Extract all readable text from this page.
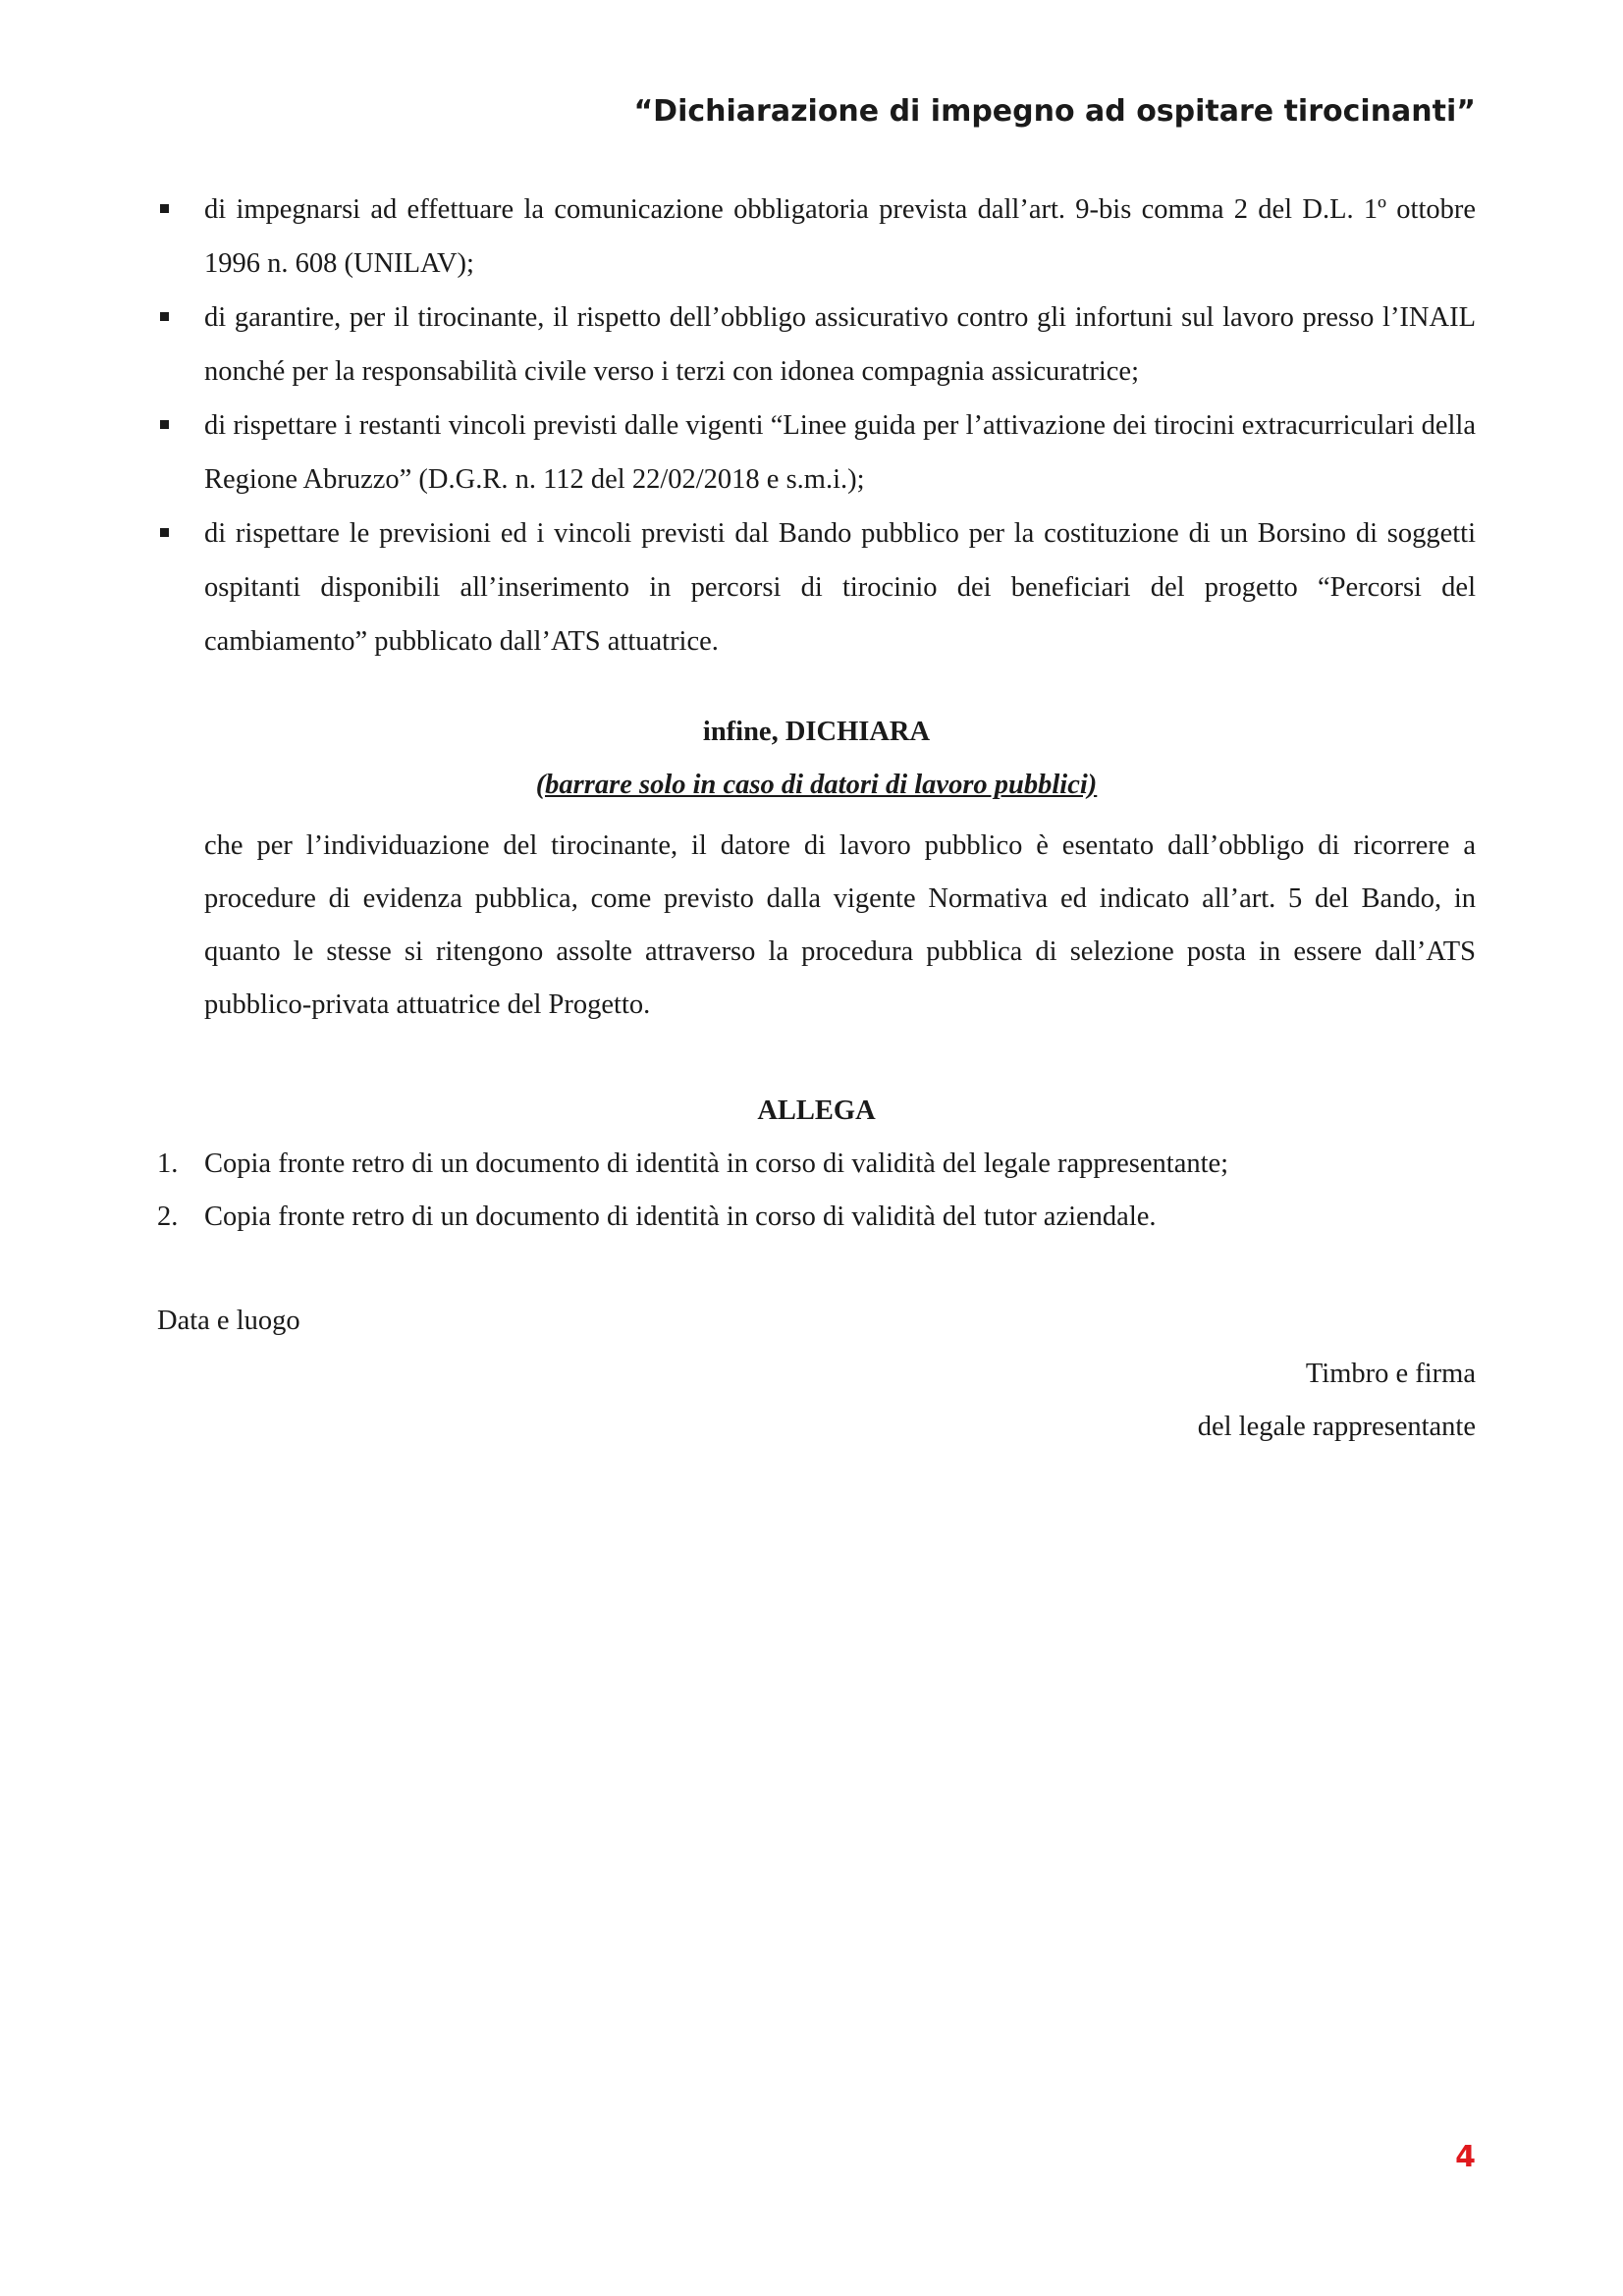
“Dichiarazione di impegno ad ospitare tirocinanti”
di impegnarsi ad effettuare la comunicazione obbligatoria prevista dall’art. 9-bis comma 2 del D.L. 1º ottobre 1996 n. 608 (UNILAV);
di garantire, per il tirocinante, il rispetto dell’obbligo assicurativo contro gli infortuni sul lavoro presso l’INAIL nonché per la responsabilità civile verso i terzi con idonea compagnia assicuratrice;
di rispettare i restanti vincoli previsti dalle vigenti “Linee guida per l’attivazione dei tirocini extracurriculari della Regione Abruzzo” (D.G.R. n. 112 del 22/02/2018 e s.m.i.);
di rispettare le previsioni ed i vincoli previsti dal Bando pubblico per la costituzione di un Borsino di soggetti ospitanti disponibili all’inserimento in percorsi di tirocinio dei beneficiari del progetto “Percorsi del cambiamento” pubblicato dall’ATS attuatrice.

infine, DICHIARA

(barrare solo in caso di datori di lavoro pubblici)

che per l’individuazione del tirocinante, il datore di lavoro pubblico è esentato dall’obbligo di ricorrere a procedure di evidenza pubblica, come previsto dalla vigente Normativa ed indicato all’art. 5 del Bando, in quanto le stesse si ritengono assolte attraverso la procedura pubblica di selezione posta in essere dall’ATS pubblico-privata attuatrice del Progetto.

ALLEGA

1. Copia fronte retro di un documento di identità in corso di validità del legale rappresentante;
2. Copia fronte retro di un documento di identità in corso di validità del tutor aziendale.
Data e luogo
Timbro e firma
del legale rappresentante
4
